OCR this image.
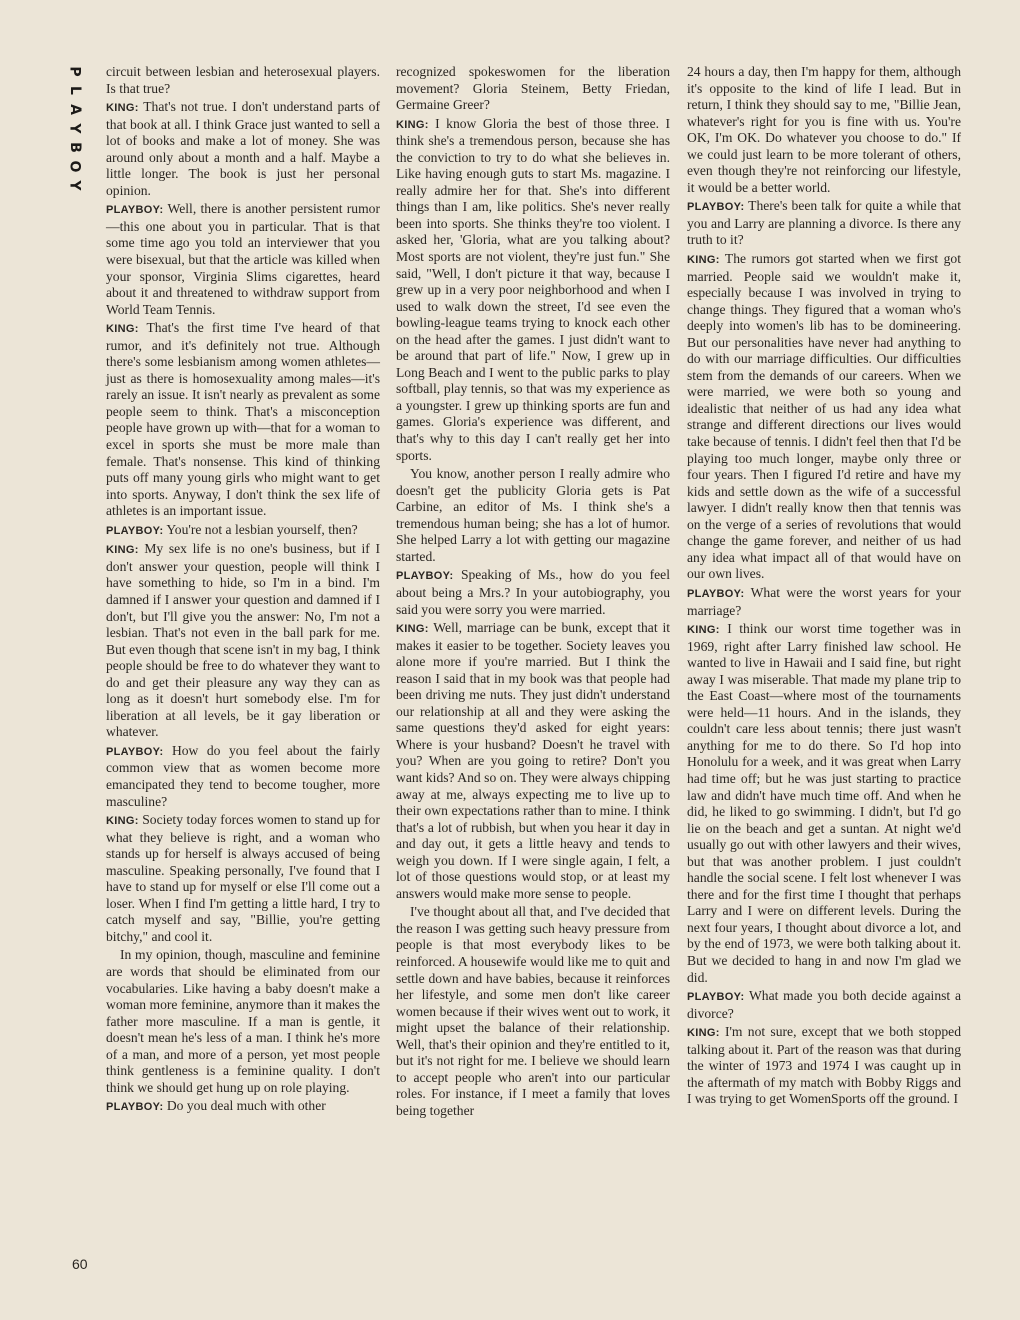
P
L
A
Y
B
O
Y
60

circuit between lesbian and heterosexual players. Is that true?

KING: That's not true. I don't understand parts of that book at all. I think Grace just wanted to sell a lot of books and make a lot of money. She was around only about a month and a half. Maybe a little longer. The book is just her personal opinion.

PLAYBOY: Well, there is another persistent rumor—this one about you in particular. That is that some time ago you told an interviewer that you were bisexual, but that the article was killed when your sponsor, Virginia Slims cigarettes, heard about it and threatened to withdraw support from World Team Tennis.

KING: That's the first time I've heard of that rumor, and it's definitely not true. Although there's some lesbianism among women athletes—just as there is homosexuality among males—it's rarely an issue. It isn't nearly as prevalent as some people seem to think. That's a misconception people have grown up with—that for a woman to excel in sports she must be more male than female. That's nonsense. This kind of thinking puts off many young girls who might want to get into sports. Anyway, I don't think the sex life of athletes is an important issue.

PLAYBOY: You're not a lesbian yourself, then?

KING: My sex life is no one's business, but if I don't answer your question, people will think I have something to hide, so I'm in a bind. I'm damned if I answer your question and damned if I don't, but I'll give you the answer: No, I'm not a lesbian. That's not even in the ball park for me. But even though that scene isn't in my bag, I think people should be free to do whatever they want to do and get their pleasure any way they can as long as it doesn't hurt somebody else. I'm for liberation at all levels, be it gay liberation or whatever.

PLAYBOY: How do you feel about the fairly common view that as women become more emancipated they tend to become tougher, more masculine?

KING: Society today forces women to stand up for what they believe is right, and a woman who stands up for herself is always accused of being masculine. Speaking personally, I've found that I have to stand up for myself or else I'll come out a loser. When I find I'm getting a little hard, I try to catch myself and say, "Billie, you're getting bitchy," and cool it.

In my opinion, though, masculine and feminine are words that should be eliminated from our vocabularies. Like having a baby doesn't make a woman more feminine, anymore than it makes the father more masculine. If a man is gentle, it doesn't mean he's less of a man. I think he's more of a man, and more of a person, yet most people think gentleness is a feminine quality. I don't think we should get hung up on role playing.

PLAYBOY: Do you deal much with other

recognized spokeswomen for the liberation movement? Gloria Steinem, Betty Friedan, Germaine Greer?

KING: I know Gloria the best of those three. I think she's a tremendous person, because she has the conviction to try to do what she believes in. Like having enough guts to start Ms. magazine. I really admire her for that. She's into different things than I am, like politics. She's never really been into sports. She thinks they're too violent. I asked her, 'Gloria, what are you talking about? Most sports are not violent, they're just fun." She said, "Well, I don't picture it that way, because I grew up in a very poor neighborhood and when I used to walk down the street, I'd see even the bowling-league teams trying to knock each other on the head after the games. I just didn't want to be around that part of life." Now, I grew up in Long Beach and I went to the public parks to play softball, play tennis, so that was my experience as a youngster. I grew up thinking sports are fun and games. Gloria's experience was different, and that's why to this day I can't really get her into sports.

You know, another person I really admire who doesn't get the publicity Gloria gets is Pat Carbine, an editor of Ms. I think she's a tremendous human being; she has a lot of humor. She helped Larry a lot with getting our magazine started.

PLAYBOY: Speaking of Ms., how do you feel about being a Mrs.? In your autobiography, you said you were sorry you were married.

KING: Well, marriage can be bunk, except that it makes it easier to be together. Society leaves you alone more if you're married. But I think the reason I said that in my book was that people had been driving me nuts. They just didn't understand our relationship at all and they were asking the same questions they'd asked for eight years: Where is your husband? Doesn't he travel with you? When are you going to retire? Don't you want kids? And so on. They were always chipping away at me, always expecting me to live up to their own expectations rather than to mine. I think that's a lot of rubbish, but when you hear it day in and day out, it gets a little heavy and tends to weigh you down. If I were single again, I felt, a lot of those questions would stop, or at least my answers would make more sense to people.

I've thought about all that, and I've decided that the reason I was getting such heavy pressure from people is that most everybody likes to be reinforced. A housewife would like me to quit and settle down and have babies, because it reinforces her lifestyle, and some men don't like career women because if their wives went out to work, it might upset the balance of their relationship. Well, that's their opinion and they're entitled to it, but it's not right for me. I believe we should learn to accept people who aren't into our particular roles. For instance, if I meet a family that loves being together

24 hours a day, then I'm happy for them, although it's opposite to the kind of life I lead. But in return, I think they should say to me, "Billie Jean, whatever's right for you is fine with us. You're OK, I'm OK. Do whatever you choose to do." If we could just learn to be more tolerant of others, even though they're not reinforcing our lifestyle, it would be a better world.

PLAYBOY: There's been talk for quite a while that you and Larry are planning a divorce. Is there any truth to it?

KING: The rumors got started when we first got married. People said we wouldn't make it, especially because I was involved in trying to change things. They figured that a woman who's deeply into women's lib has to be domineering. But our personalities have never had anything to do with our marriage difficulties. Our difficulties stem from the demands of our careers. When we were married, we were both so young and idealistic that neither of us had any idea what strange and different directions our lives would take because of tennis. I didn't feel then that I'd be playing too much longer, maybe only three or four years. Then I figured I'd retire and have my kids and settle down as the wife of a successful lawyer. I didn't really know then that tennis was on the verge of a series of revolutions that would change the game forever, and neither of us had any idea what impact all of that would have on our own lives.

PLAYBOY: What were the worst years for your marriage?

KING: I think our worst time together was in 1969, right after Larry finished law school. He wanted to live in Hawaii and I said fine, but right away I was miserable. That made my plane trip to the East Coast—where most of the tournaments were held—11 hours. And in the islands, they couldn't care less about tennis; there just wasn't anything for me to do there. So I'd hop into Honolulu for a week, and it was great when Larry had time off; but he was just starting to practice law and didn't have much time off. And when he did, he liked to go swimming. I didn't, but I'd go lie on the beach and get a suntan. At night we'd usually go out with other lawyers and their wives, but that was another problem. I just couldn't handle the social scene. I felt lost whenever I was there and for the first time I thought that perhaps Larry and I were on different levels. During the next four years, I thought about divorce a lot, and by the end of 1973, we were both talking about it. But we decided to hang in and now I'm glad we did.

PLAYBOY: What made you both decide against a divorce?

KING: I'm not sure, except that we both stopped talking about it. Part of the reason was that during the winter of 1973 and 1974 I was caught up in the aftermath of my match with Bobby Riggs and I was trying to get WomenSports off the ground. I
